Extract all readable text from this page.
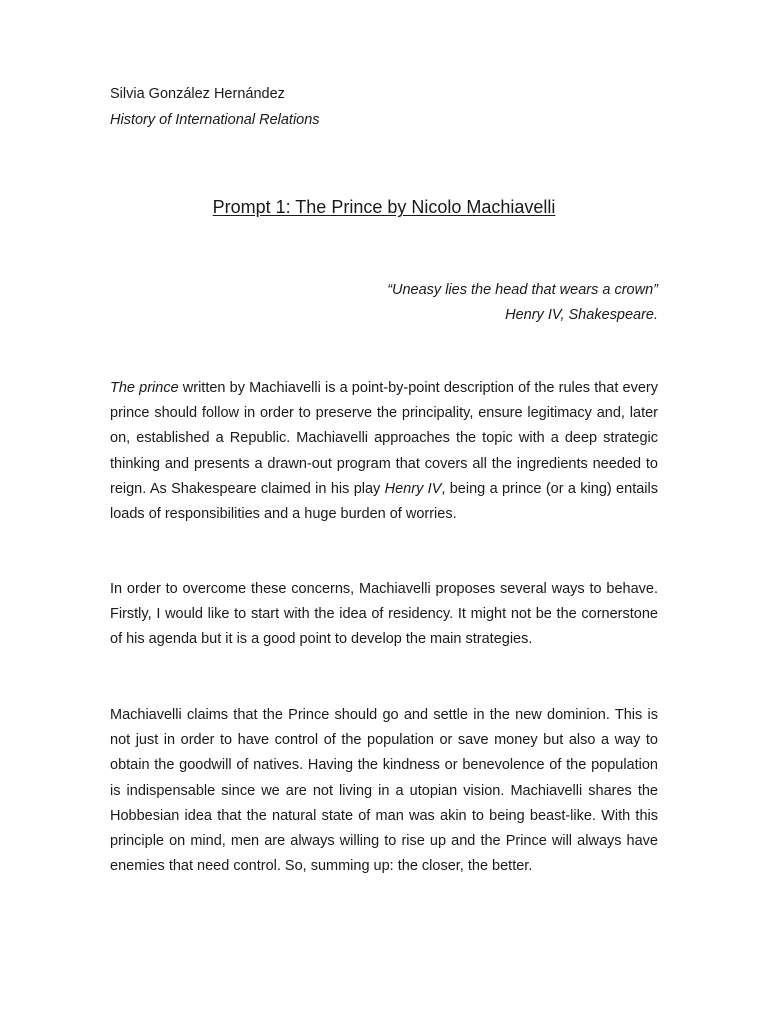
Silvia González Hernández

History of International Relations

Prompt 1: The Prince by Nicolo Machiavelli

“Uneasy lies the head that wears a crown”

Henry IV, Shakespeare.

The prince written by Machiavelli is a point-by-point description of the rules that every prince should follow in order to preserve the principality, ensure legitimacy and, later on, established a Republic. Machiavelli approaches the topic with a deep strategic thinking and presents a drawn-out program that covers all the ingredients needed to reign. As Shakespeare claimed in his play Henry IV, being a prince (or a king) entails loads of responsibilities and a huge burden of worries.

In order to overcome these concerns, Machiavelli proposes several ways to behave. Firstly, I would like to start with the idea of residency. It might not be the cornerstone of his agenda but it is a good point to develop the main strategies.

Machiavelli claims that the Prince should go and settle in the new dominion. This is not just in order to have control of the population or save money but also a way to obtain the goodwill of natives. Having the kindness or benevolence of the population is indispensable since we are not living in a utopian vision. Machiavelli shares the Hobbesian idea that the natural state of man was akin to being beast-like. With this principle on mind, men are always willing to rise up and the Prince will always have enemies that need control. So, summing up: the closer, the better.
